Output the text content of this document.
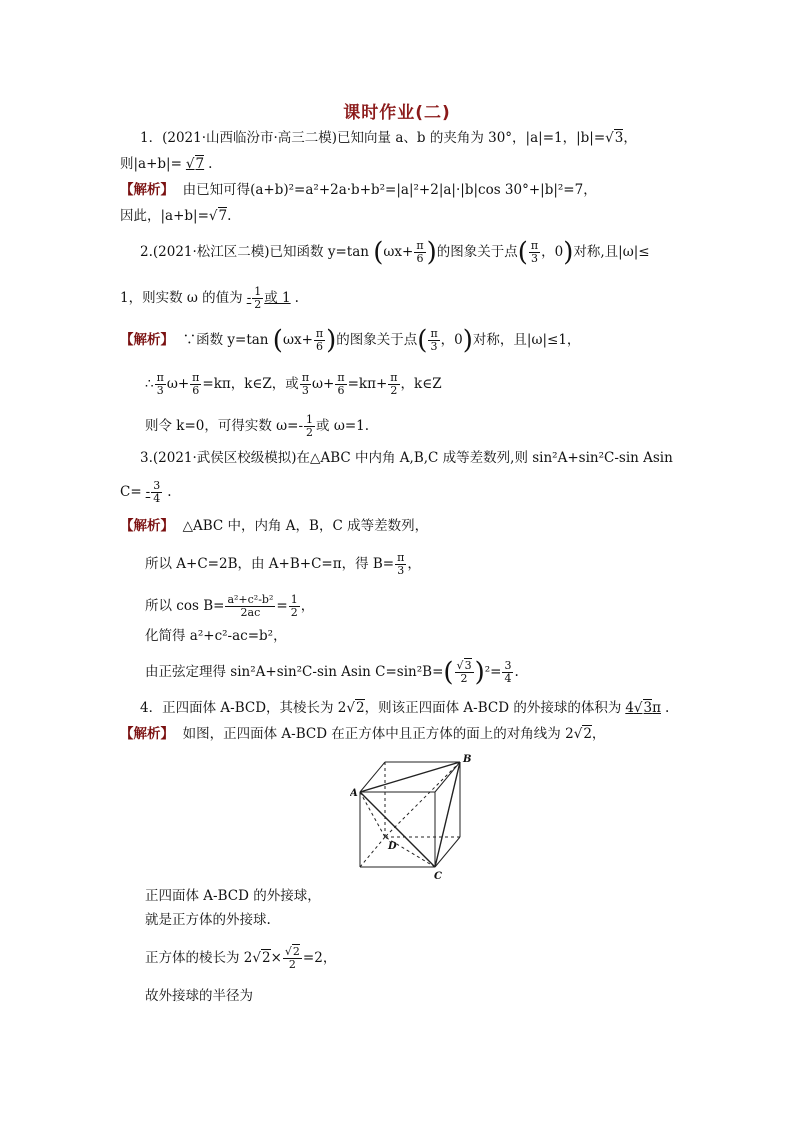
课时作业(二)
1．(2021·山西临汾市·高三二模)已知向量 a、b 的夹角为 30°，|a|=1，|b|=√3，
则|a+b|= √7 .
【解析】 由已知可得(a+b)²=a²+2a·b+b²=|a|²+2|a|·|b|cos 30°+|b|²=7，
因此，|a+b|=√7.
2.(2021·松江区二模)已知函数 y=tan ($\omega x+ \frac{\pi}{6}$ )的图象关于点( $\frac{\pi}{3}$ ，0)对称,且|ω|≤
1，则实数 ω 的值为 - $\frac{1}{2}$ 或 1 .
【解析】 ∵函数 y=tan ($\omega x+ \frac{\pi}{6}$ )的图象关于点( $\frac{\pi}{3}$ ，0)对称，且|ω|≤1，
∴ $\frac{\pi}{3} \omega+ \frac{\pi}{6} =k\pi$，k∈Z，或 $\frac{\pi}{3} \omega+ \frac{\pi}{6} =k\pi+ \frac{\pi}{2}$ ，k∈Z
则令 k=0，可得实数 $\omega=- \frac{1}{2}$ 或 ω=1.
3.(2021·武侯区校级模拟)在△ABC 中内角 A,B,C 成等差数列,则 sin²A+sin²C-sin Asin
$C= - \frac{3}{4}$ .
【解析】 △ABC 中，内角 A，B，C 成等差数列，
所以 A+C=2B，由 A+B+C=π，得 $B= \frac{\pi}{3}$ ，
所以 $\cos B= \frac{\text{a²+c²-b²}}{2ac} = \frac{1}{2}$ ，
化简得 a²+c²-ac=b²，
由正弦定理得 sin²A+sin²C-sin Asin $C=\sin^2B=( \frac{√3}{2} )^2= \frac{3}{4}$ .
4．正四面体 A-BCD，其棱长为 2√2，则该正四面体 A-BCD 的外接球的体积为 4√3π .
【解析】 如图，正四面体 A-BCD 在正方体中且正方体的面上的对角线为 2√2，
A
B
C
D
正四面体 A-BCD 的外接球，
就是正方体的外接球.
正方体的棱长为 $2√2\times \frac{√2}{2} =2$，
故外接球的半径为
